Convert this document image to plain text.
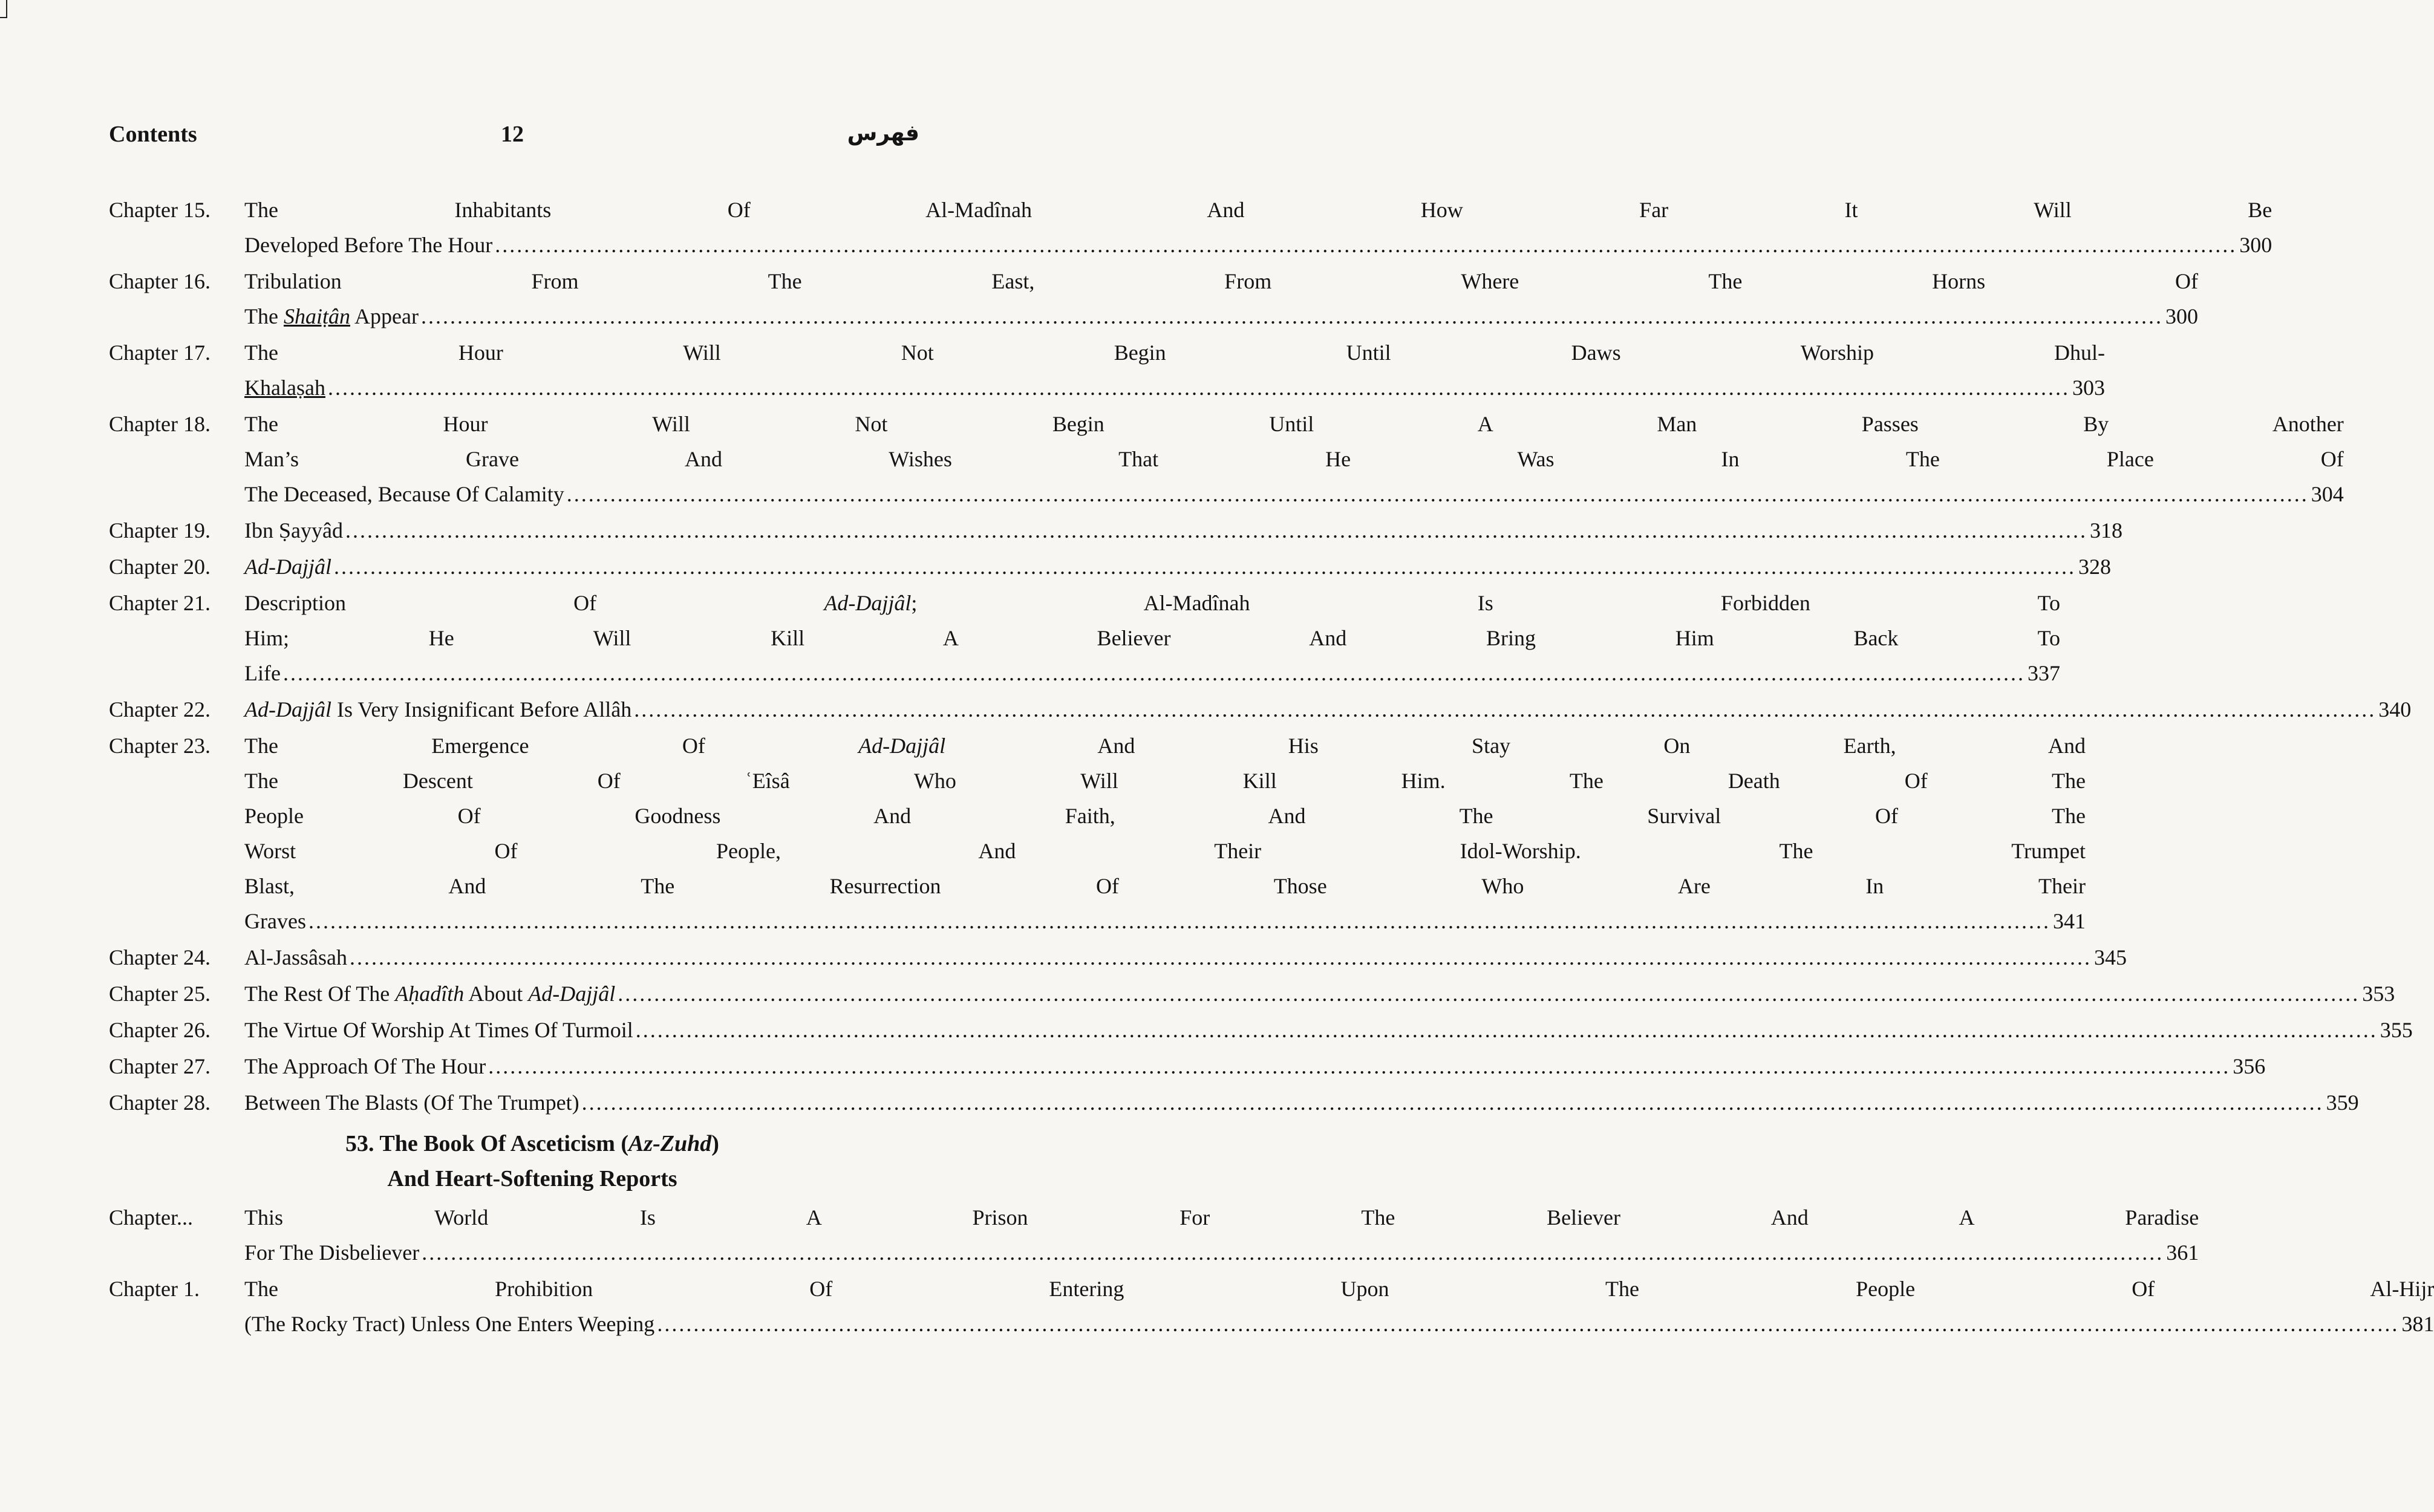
Contents	12	فهرس
Chapter 15.	The Inhabitants Of Al-Madînah And How Far It Will Be
Developed Before The Hour .....	300
Chapter 16.	Tribulation From The East, From Where The Horns Of
The Shaiṭân Appear .....	300
Chapter 17.	The Hour Will Not Begin Until Daws Worship Dhul-
Khalaṣah .....	303
Chapter 18.	The Hour Will Not Begin Until A Man Passes By Another
Man’s Grave And Wishes That He Was In The Place Of
The Deceased, Because Of Calamity .....	304
Chapter 19.	Ibn Ṣayyâd .....	318
Chapter 20.	Ad-Dajjâl .....	328
Chapter 21.	Description Of Ad-Dajjâl; Al-Madînah Is Forbidden To
Him; He Will Kill A Believer And Bring Him Back To
Life .....	337
Chapter 22.	Ad-Dajjâl Is Very Insignificant Before Allâh .....	340
Chapter 23.	The Emergence Of Ad-Dajjâl And His Stay On Earth, And
The Descent Of ʿEîsâ Who Will Kill Him. The Death Of The
People Of Goodness And Faith, And The Survival Of The
Worst Of People, And Their Idol-Worship. The Trumpet
Blast, And The Resurrection Of Those Who Are In Their
Graves .....	341
Chapter 24.	Al-Jassâsah .....	345
Chapter 25.	The Rest Of The Aḥadîth About Ad-Dajjâl .....	353
Chapter 26.	The Virtue Of Worship At Times Of Turmoil .....	355
Chapter 27.	The Approach Of The Hour .....	356
Chapter 28.	Between The Blasts (Of The Trumpet) .....	359
53. The Book Of Asceticism (Az-Zuhd)
And Heart-Softening Reports
Chapter...	This World Is A Prison For The Believer And A Paradise
For The Disbeliever .....	361
Chapter 1.	The Prohibition Of Entering Upon The People Of Al-Hijr
(The Rocky Tract) Unless One Enters Weeping .....	381
